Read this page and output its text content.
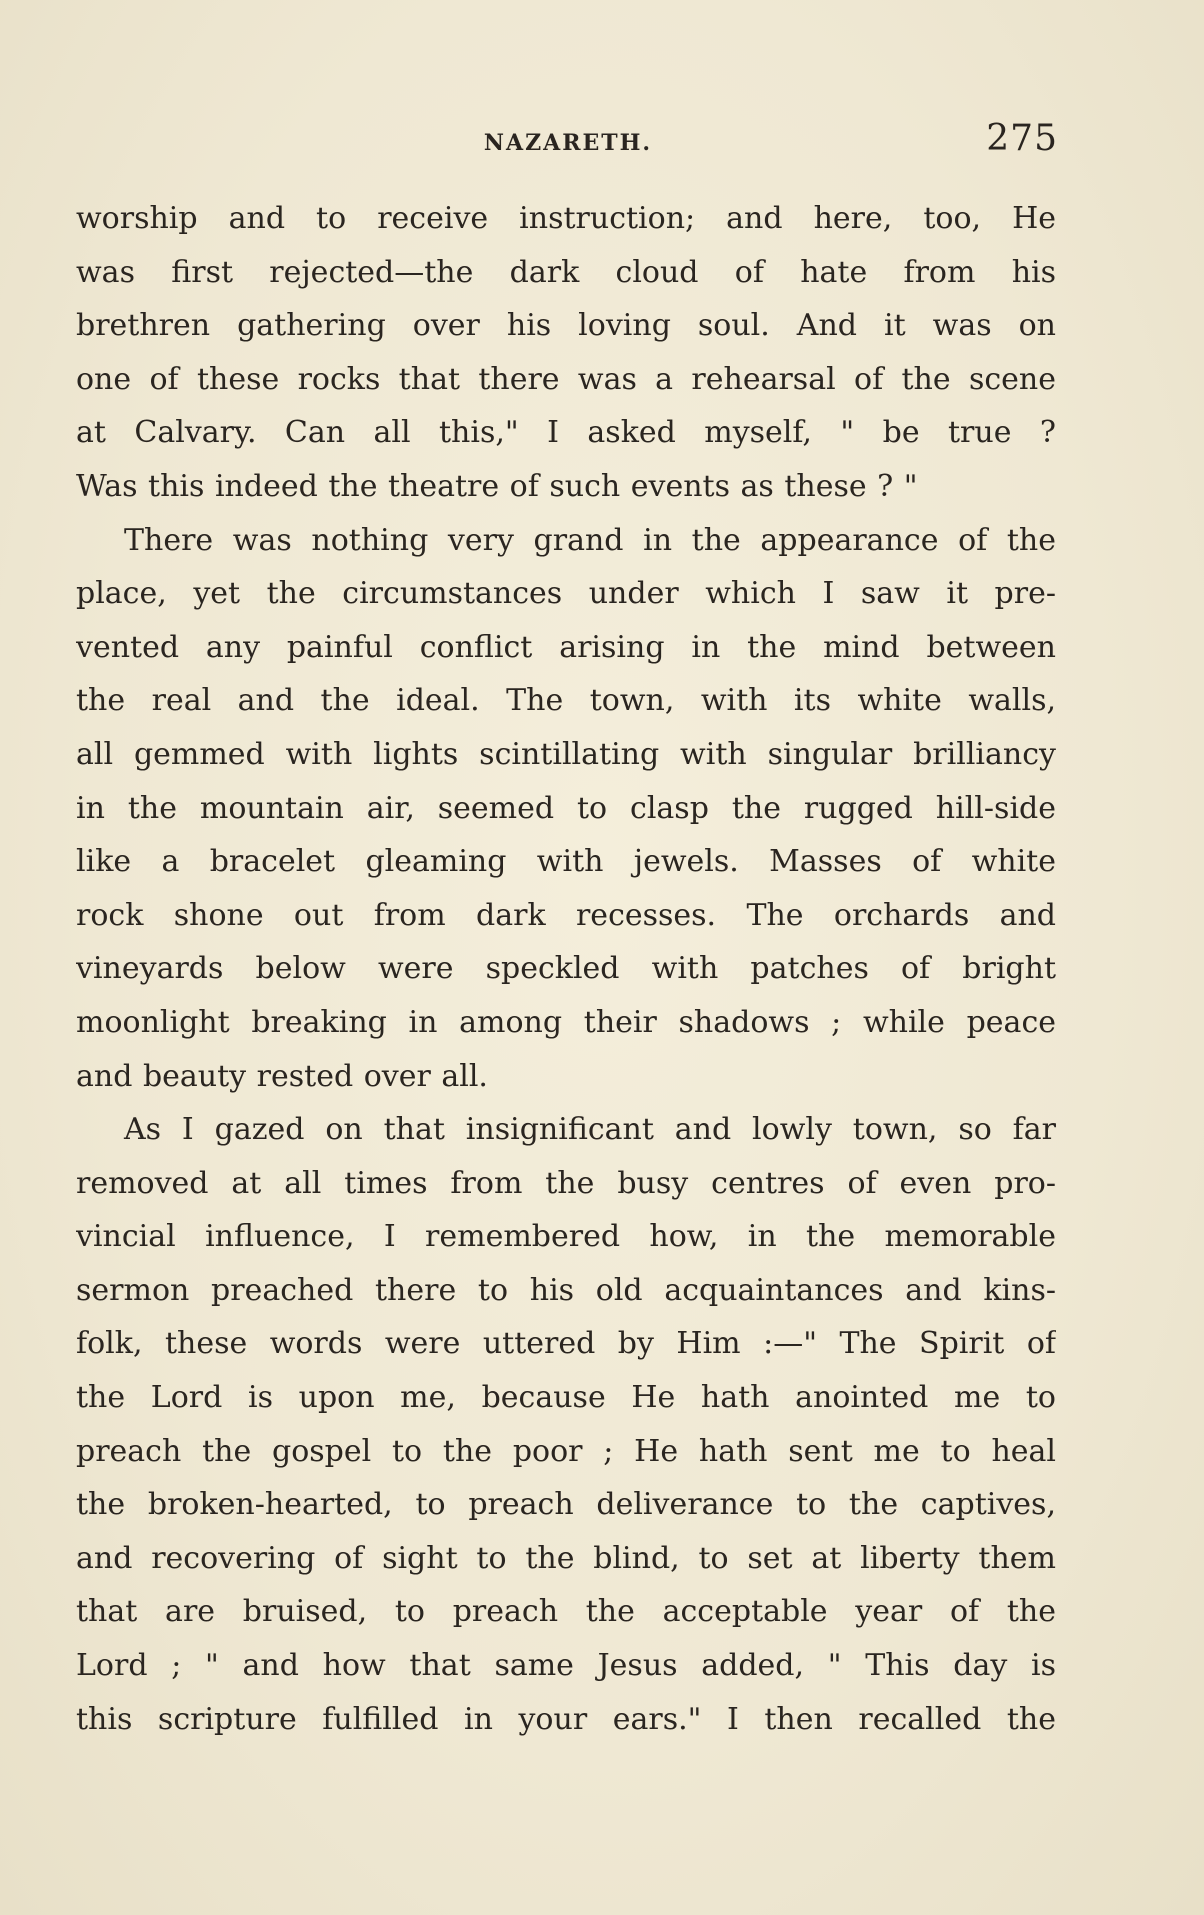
NAZARETH.	275
worship and to receive instruction; and here, too, He
was first rejected—the dark cloud of hate from his
brethren gathering over his loving soul. And it was on
one of these rocks that there was a rehearsal of the scene
at Calvary. Can all this," I asked myself, " be true ?
Was this indeed the theatre of such events as these ? "
There was nothing very grand in the appearance of the
place, yet the circumstances under which I saw it pre-
vented any painful conflict arising in the mind between
the real and the ideal. The town, with its white walls,
all gemmed with lights scintillating with singular brilliancy
in the mountain air, seemed to clasp the rugged hill-side
like a bracelet gleaming with jewels. Masses of white
rock shone out from dark recesses. The orchards and
vineyards below were speckled with patches of bright
moonlight breaking in among their shadows ; while peace
and beauty rested over all.
As I gazed on that insignificant and lowly town, so far
removed at all times from the busy centres of even pro-
vincial influence, I remembered how, in the memorable
sermon preached there to his old acquaintances and kins-
folk, these words were uttered by Him :—" The Spirit of
the Lord is upon me, because He hath anointed me to
preach the gospel to the poor ; He hath sent me to heal
the broken-hearted, to preach deliverance to the captives,
and recovering of sight to the blind, to set at liberty them
that are bruised, to preach the acceptable year of the
Lord ; " and how that same Jesus added, " This day is
this scripture fulfilled in your ears." I then recalled the
